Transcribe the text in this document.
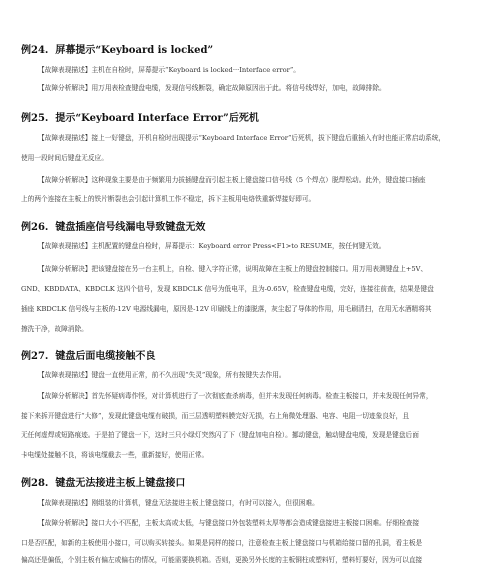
例24. 屏幕提示“Keyboard is locked”
【故障表现描述】主机在自检时，屏幕提示“Keyboard is locked···Interface error”。
【故障分析解决】用万用表检查键盘电缆，发现信号线断裂，确定故障原因出于此。将信号线焊好，加电，故障排除。
例25. 提示“Keyboard Interface Error”后死机
【故障表现描述】接上一好键盘，开机自检时出现提示“Keyboard Interface Error”后死机，拔下键盘后重插入有时也能正常启动系统，
使用一段时间后键盘无反应。
【故障分析解决】这种现象主要是由于频繁用力拔插键盘而引起主板上键盘接口信号线（5 个焊点）脱焊松动。此外，键盘接口插座
上的两个连接在主板上的铁片断裂也会引起计算机工作不稳定，拆下主板用电烙铁重新焊接好即可。
例26. 键盘插座信号线漏电导致键盘无效
【故障表现描述】主机配置的键盘自检时，屏幕提示：Keyboard error Press<F1>to RESUME，按任何键无效。
【故障分析解决】把该键盘接在另一台主机上，自检、键入字符正常，说明故障在主板上的键盘控制接口。用万用表测键盘上+5V、
GND、KBDDATA、KBDCLK 这四个信号，发现 KBDCLK 信号为低电平，且为-0.65V，检查键盘电缆，完好，连接往前查，结果是键盘
插座 KBDCLK 信号线与主板的-12V 电源线漏电，原因是-12V 印刷线上的漆脱落，灰尘起了导体的作用，用毛刷清扫，在用无水酒精将其
擦洗干净，故障消除。
例27. 键盘后面电缆接触不良
【故障表现描述】键盘一直使用正常，前不久出现“失灵”现象，所有按键失去作用。
【故障分析解决】首先怀疑病毒作怪，对计算机进行了一次彻底查杀病毒，但并未发现任何病毒。检查主板接口，并未发现任何异常，
接下来拆开键盘进行“大修”，发现此键盘电缆有破损，而三层透明塑料膜完好无损，右上角微处理器、电容、电阻一切迹象良好，且
无任何虚焊或短路痕迹。于是拍了键盘一下，这时三只小绿灯突然闪了下（键盘加电自检）。挪动键盘，触动键盘电缆，发现是键盘后面
卡电缆处接触不良，将该电缆截去一些，重新接好，使用正常。
例28. 键盘无法接进主板上键盘接口
【故障表现描述】刚组装的计算机，键盘无法接进主板上键盘接口，有时可以接入，但很困难。
【故障分析解决】接口大小不匹配，主板太高或太低，与键盘接口外包装塑料太厚等都会造成键盘接进主板接口困难。仔细检查接
口是否匹配，如新的主板使用小接口，可以购买转接头。如果是同样的接口，注意检查主板上键盘接口与机箱给接口留的孔洞，看主板是
偏高还是偏低，个别主板有偏左或偏右的情况，可能需要换机箱。否则，更换另外长度的主板铜柱或塑料钉，塑料钉要好，因为可以直接
